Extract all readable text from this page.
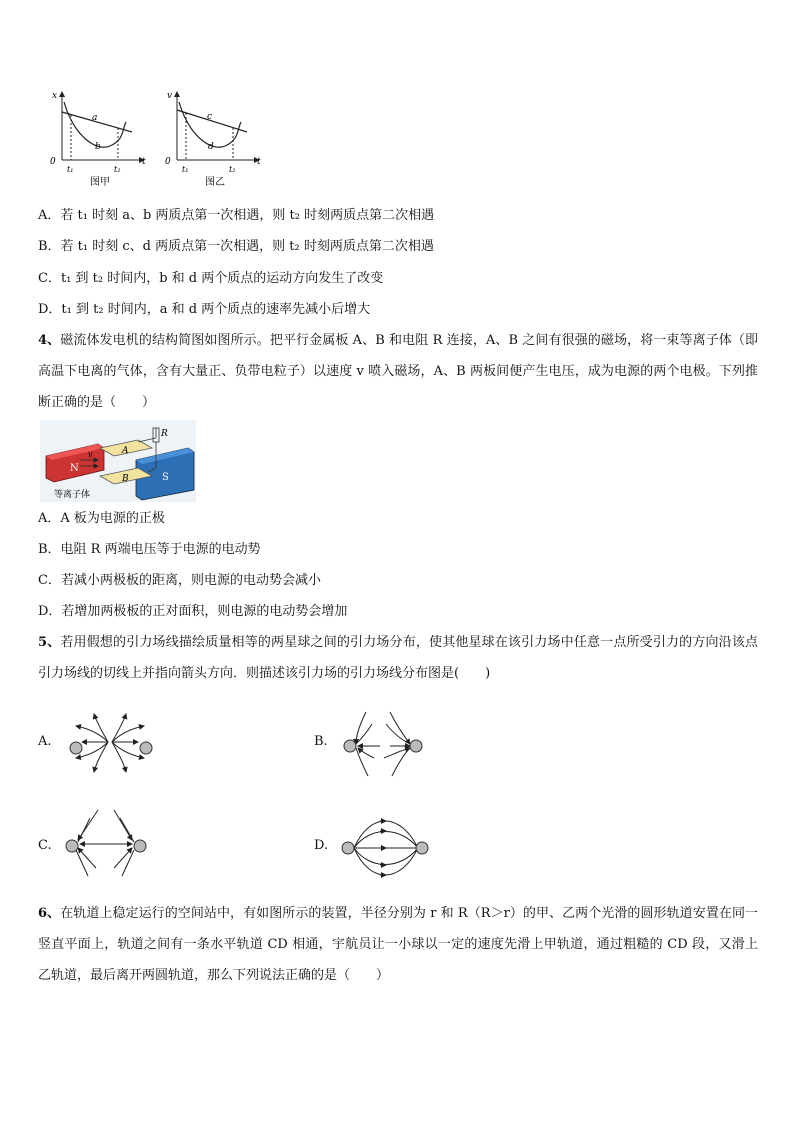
x
0	t
t₁	t₂
a
b
图甲
v
0	t
t₁	t₂
c
d
图乙
A．若 t₁ 时刻 a、b 两质点第一次相遇，则 t₂ 时刻两质点第二次相遇
B．若 t₁ 时刻 c、d 两质点第一次相遇，则 t₂ 时刻两质点第二次相遇
C．t₁ 到 t₂ 时间内，b 和 d 两个质点的运动方向发生了改变
D．t₁ 到 t₂ 时间内，a 和 d 两个质点的速率先减小后增大
4、磁流体发电机的结构简图如图所示。把平行金属板 A、B 和电阻 R 连接，A、B 之间有很强的磁场，将一束等离子体（即高温下电离的气体，含有大量正、负带电粒子）以速度 v 喷入磁场，A、B 两板间便产生电压，成为电源的两个电极。下列推断正确的是（　　）
N
S
A
B
v
R
等离子体
A．A 板为电源的正极
B．电阻 R 两端电压等于电源的电动势
C．若减小两极板的距离，则电源的电动势会减小
D．若增加两极板的正对面积，则电源的电动势会增加
5、若用假想的引力场线描绘质量相等的两星球之间的引力场分布，使其他星球在该引力场中任意一点所受引力的方向沿该点引力场线的切线上并指向箭头方向．则描述该引力场的引力场线分布图是(　　)
A.	B.
C.	D.
6、在轨道上稳定运行的空间站中，有如图所示的装置，半径分别为 r 和 R（R＞r）的甲、乙两个光滑的圆形轨道安置在同一竖直平面上，轨道之间有一条水平轨道 CD 相通，宇航员让一小球以一定的速度先滑上甲轨道，通过粗糙的 CD 段，又滑上乙轨道，最后离开两圆轨道，那么下列说法正确的是（　　）
